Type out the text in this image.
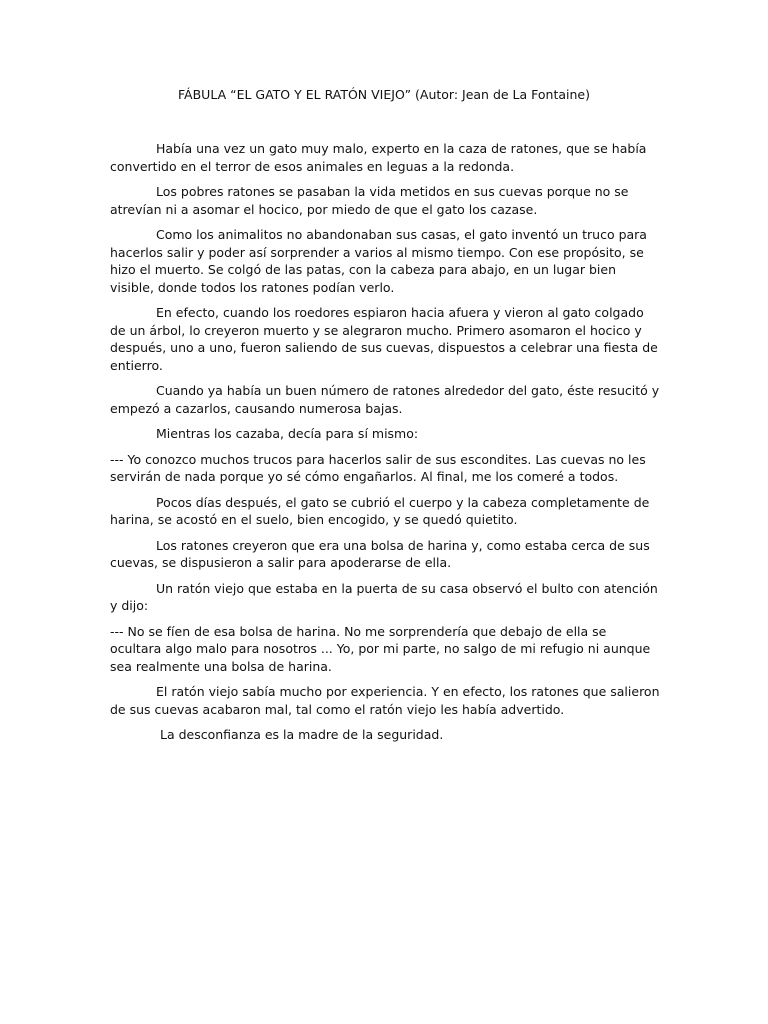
FÁBULA “EL GATO Y EL RATÓN VIEJO” (Autor: Jean de La Fontaine)

Había una vez un gato muy malo, experto en la caza de ratones, que se había convertido en el terror de esos animales en leguas a la redonda.

Los pobres ratones se pasaban la vida metidos en sus cuevas porque no se atrevían ni a asomar el hocico, por miedo de que el gato los cazase.

Como los animalitos no abandonaban sus casas, el gato inventó un truco para hacerlos salir y poder así sorprender a varios al mismo tiempo. Con ese propósito, se hizo el muerto. Se colgó de las patas, con la cabeza para abajo, en un lugar bien visible, donde todos los ratones podían verlo.

En efecto, cuando los roedores espiaron hacia afuera y vieron al gato colgado de un árbol, lo creyeron muerto y se alegraron mucho. Primero asomaron el hocico y después, uno a uno, fueron saliendo de sus cuevas, dispuestos a celebrar una fiesta de entierro.

Cuando ya había un buen número de ratones alrededor del gato, éste resucitó y empezó a cazarlos, causando numerosa bajas.

Mientras los cazaba, decía para sí mismo:

--- Yo conozco muchos trucos para hacerlos salir de sus escondites. Las cuevas no les servirán de nada porque yo sé cómo engañarlos. Al final, me los comeré a todos.

Pocos días después, el gato se cubrió el cuerpo y la cabeza completamente de harina, se acostó en el suelo, bien encogido, y se quedó quietito.

Los ratones creyeron que era una bolsa de harina y, como estaba cerca de sus cuevas, se dispusieron a salir para apoderarse de ella.

Un ratón viejo que estaba en la puerta de su casa observó el bulto con atención y dijo:

--- No se fíen de esa bolsa de harina. No me sorprendería que debajo de ella se ocultara algo malo para nosotros ... Yo, por mi parte, no salgo de mi refugio ni aunque sea realmente una bolsa de harina.

El ratón viejo sabía mucho por experiencia. Y en efecto, los ratones que salieron de sus cuevas acabaron mal, tal como el ratón viejo les había advertido.

La desconfianza es la madre de la seguridad.
